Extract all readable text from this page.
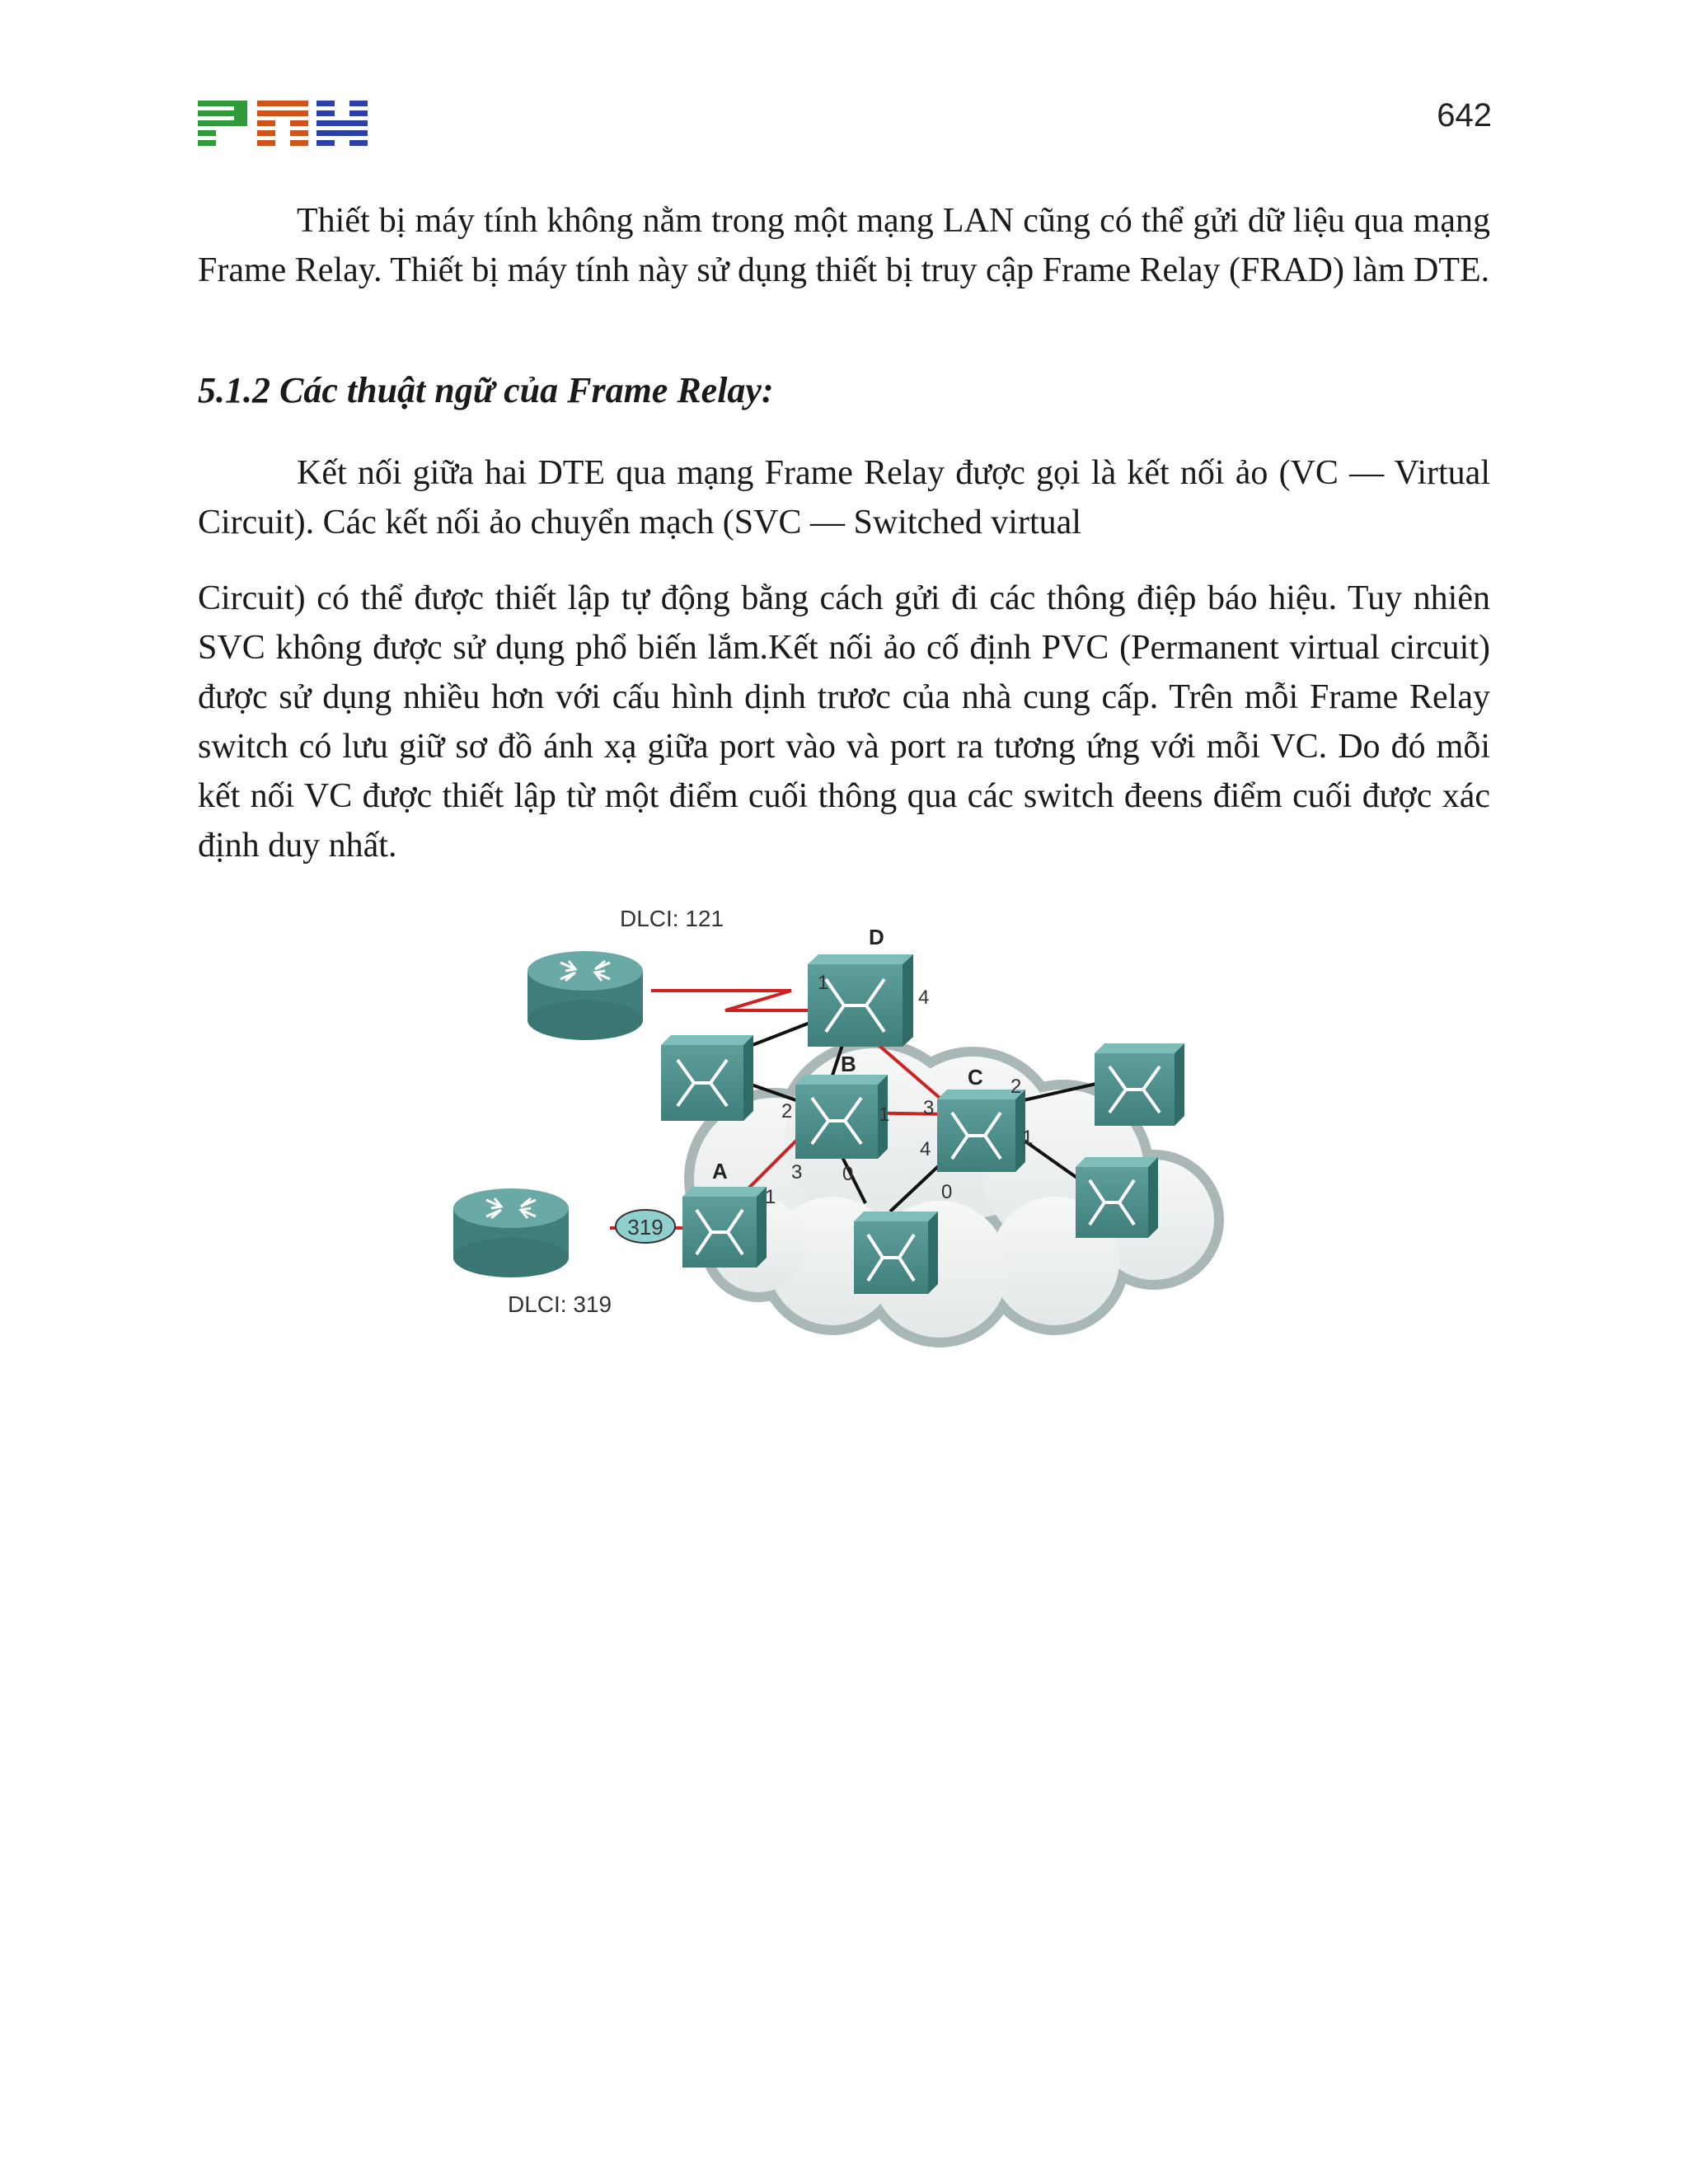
642

Thiết bị máy tính không nằm trong một mạng LAN cũng có thể gửi dữ liệu qua mạng Frame Relay. Thiết bị máy tính này sử dụng thiết bị truy cập Frame Relay (FRAD) làm DTE.

5.1.2 Các thuật ngữ của Frame Relay:

Kết nối giữa hai DTE qua mạng Frame Relay được gọi là kết nối ảo (VC — Virtual Circuit). Các kết nối ảo chuyển mạch (SVC — Switched virtual

Circuit) có thể được thiết lập tự động bằng cách gửi đi các thông điệp báo hiệu. Tuy nhiên SVC không được sử dụng phổ biến lắm.Kết nối ảo cố định PVC (Permanent virtual circuit) được sử dụng nhiều hơn với cấu hình dịnh trươc của nhà cung cấp. Trên mỗi Frame Relay switch có lưu giữ sơ đồ ánh xạ giữa port vào và port ra tương ứng với mỗi VC. Do đó mỗi kết nối VC được thiết lập từ một điểm cuối thông qua các switch đeens điểm cuối được xác định duy nhất.

319
DLCI: 121
DLCI: 319
D
B
C
A
1
4
2	1
3 0
3
2
1
4
0
1
